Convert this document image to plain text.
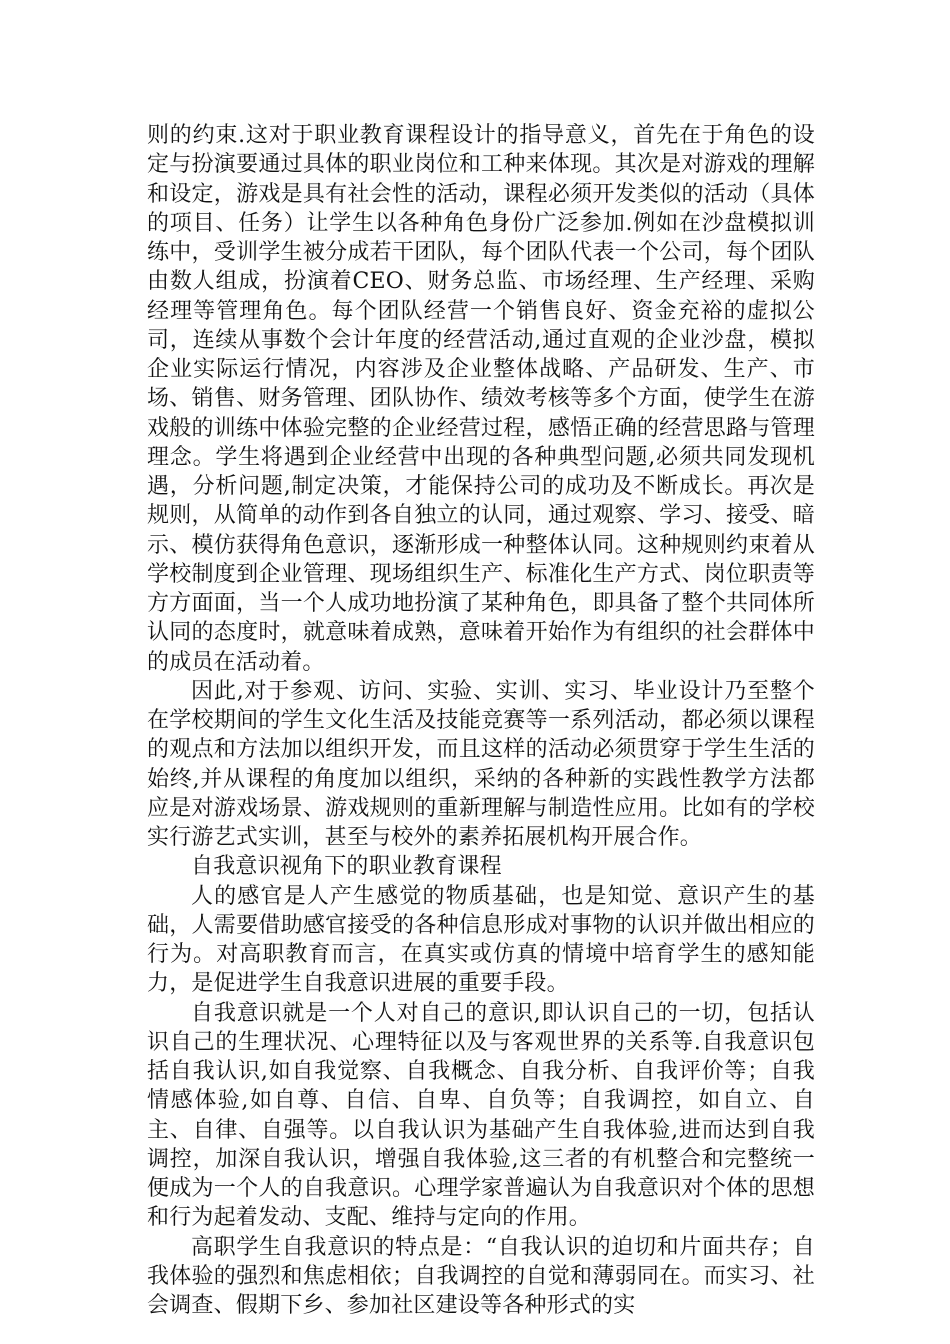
则的约束.这对于职业教育课程设计的指导意义，首先在于角色的设定与扮演要通过具体的职业岗位和工种来体现。其次是对游戏的理解和设定，游戏是具有社会性的活动，课程必须开发类似的活动（具体的项目、任务）让学生以各种角色身份广泛参加.例如在沙盘模拟训练中，受训学生被分成若干团队，每个团队代表一个公司，每个团队由数人组成，扮演着CEO、财务总监、市场经理、生产经理、采购经理等管理角色。每个团队经营一个销售良好、资金充裕的虚拟公司，连续从事数个会计年度的经营活动,通过直观的企业沙盘，模拟企业实际运行情况，内容涉及企业整体战略、产品研发、生产、市场、销售、财务管理、团队协作、绩效考核等多个方面，使学生在游戏般的训练中体验完整的企业经营过程，感悟正确的经营思路与管理理念。学生将遇到企业经营中出现的各种典型问题,必须共同发现机遇，分析问题,制定决策，才能保持公司的成功及不断成长。再次是规则，从简单的动作到各自独立的认同，通过观察、学习、接受、暗示、模仿获得角色意识，逐渐形成一种整体认同。这种规则约束着从学校制度到企业管理、现场组织生产、标准化生产方式、岗位职责等方方面面，当一个人成功地扮演了某种角色，即具备了整个共同体所认同的态度时，就意味着成熟，意味着开始作为有组织的社会群体中的成员在活动着。

因此,对于参观、访问、实验、实训、实习、毕业设计乃至整个在学校期间的学生文化生活及技能竞赛等一系列活动，都必须以课程的观点和方法加以组织开发，而且这样的活动必须贯穿于学生生活的始终,并从课程的角度加以组织，采纳的各种新的实践性教学方法都应是对游戏场景、游戏规则的重新理解与制造性应用。比如有的学校实行游艺式实训，甚至与校外的素养拓展机构开展合作。

自我意识视角下的职业教育课程

人的感官是人产生感觉的物质基础，也是知觉、意识产生的基础，人需要借助感官接受的各种信息形成对事物的认识并做出相应的行为。对高职教育而言，在真实或仿真的情境中培育学生的感知能力，是促进学生自我意识进展的重要手段。

自我意识就是一个人对自己的意识,即认识自己的一切，包括认识自己的生理状况、心理特征以及与客观世界的关系等.自我意识包括自我认识,如自我觉察、自我概念、自我分析、自我评价等；自我情感体验,如自尊、自信、自卑、自负等；自我调控，如自立、自主、自律、自强等。以自我认识为基础产生自我体验,进而达到自我调控，加深自我认识，增强自我体验,这三者的有机整合和完整统一便成为一个人的自我意识。心理学家普遍认为自我意识对个体的思想和行为起着发动、支配、维持与定向的作用。

高职学生自我意识的特点是：“自我认识的迫切和片面共存；自我体验的强烈和焦虑相依；自我调控的自觉和薄弱同在。而实习、社会调查、假期下乡、参加社区建设等各种形式的实
